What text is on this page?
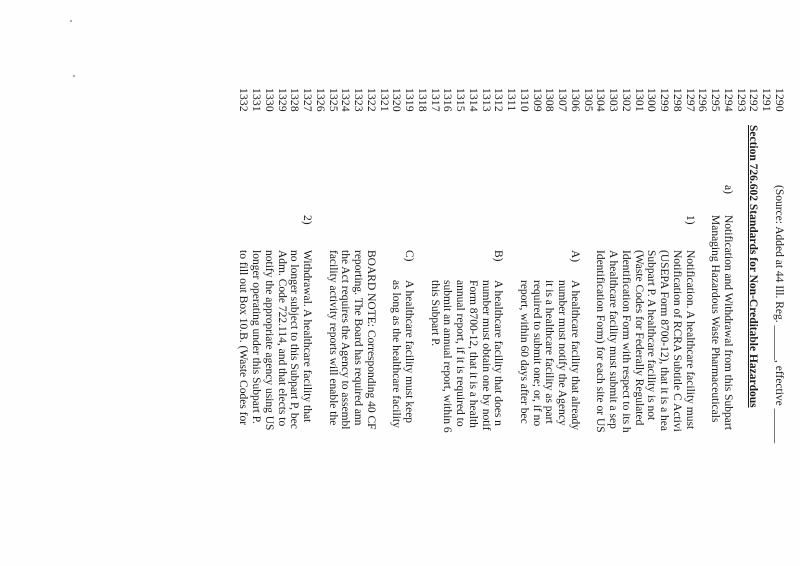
1290
(Source: Added at 44 Ill. Reg. ______, effective ______
1291
1292
Section 726.602 Standards for Non-Creditable Hazardous
1293
1294
a)
Notification and Withdrawal from this Subpart
1295
Managing Hazardous Waste Pharmaceuticals
1296
1297
1)
Notification. A healthcare facility must
1298
Notification of RCRA Subtitle C Activi
1299
(USEPA Form 8700-12), that it is a hea
1300
Subpart P. A healthcare facility is not
1301
(Waste Codes for Federally Regulated
1302
Identification Form with respect to its h
1303
A healthcare facility must submit a sep
1304
Identification Form) for each site or US
1305
1306
A)
A healthcare facility that already
1307
number must notify the Agency
1308
it is a healthcare facility as part
1309
required to submit one; or, if no
1310
report, within 60 days after bec
1311
1312
B)
A healthcare facility that does n
1313
number must obtain one by notif
1314
Form 8700-12, that it is a health
1315
annual report, if it is required to
1316
submit an annual report, within 6
1317
this Subpart P.
1318
1319
C)
A healthcare facility must keep
1320
as long as the healthcare facility
1321
1322
BOARD NOTE: Corresponding 40 CF
1323
reporting. The Board has required ann
1324
the Act requires the Agency to assembl
1325
facility activity reports will enable the
1326
1327
2)
Withdrawal. A healthcare facility that
1328
no longer subject to this Subpart P, bec
1329
Adm. Code 722.114, and that elects to
1330
notify the appropriate agency using US
1331
longer operating under this Subpart P.
1332
to fill out Box 10.B. (Waste Codes for
